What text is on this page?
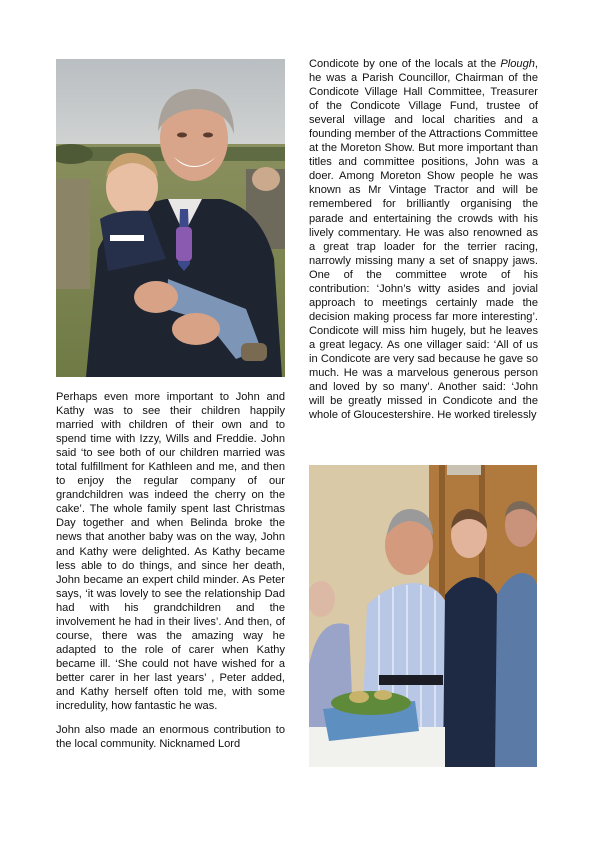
Perhaps even more important to John and Kathy was to see their children happily married with children of their own and to spend time with Izzy, Wills and Freddie. John said ‘to see both of our children married was total fulfillment for Kathleen and me, and then to enjoy the regular company of our grandchildren was indeed the cherry on the cake’. The whole family spent last Christmas Day together and when Belinda broke the news that another baby was on the way, John and Kathy were delighted. As Kathy became less able to do things, and since her death, John became an expert child minder. As Peter says, ‘it was lovely to see the relationship Dad had with his grandchildren and the involvement he had in their lives’. And then, of course, there was the amazing way he adapted to the role of carer when Kathy became ill. ‘She could not have wished for a better carer in her last years’ , Peter added, and Kathy herself often told me, with some incredulity, how fantastic he was.

John also made an enormous contribution to the local community. Nicknamed Lord

Condicote by one of the locals at the Plough, he was a Parish Councillor, Chairman of the Condicote Village Hall Committee, Treasurer of the Condicote Village Fund, trustee of several village and local charities and a founding member of the Attractions Committee at the Moreton Show. But more important than titles and committee positions, John was a doer. Among Moreton Show people he was known as Mr Vintage Tractor and will be remembered for brilliantly organising the parade and entertaining the crowds with his lively commentary. He was also renowned as a great trap loader for the terrier racing, narrowly missing many a set of snappy jaws. One of the committee wrote of his contribution: ‘John’s witty asides and jovial approach to meetings certainly made the decision making process far more interesting’. Condicote will miss him hugely, but he leaves a great legacy. As one villager said: ‘All of us in Condicote are very sad because he gave so much. He was a marvelous generous person and loved by so many’. Another said: ‘John will be greatly missed in Condicote and the whole of Gloucestershire. He worked tirelessly
